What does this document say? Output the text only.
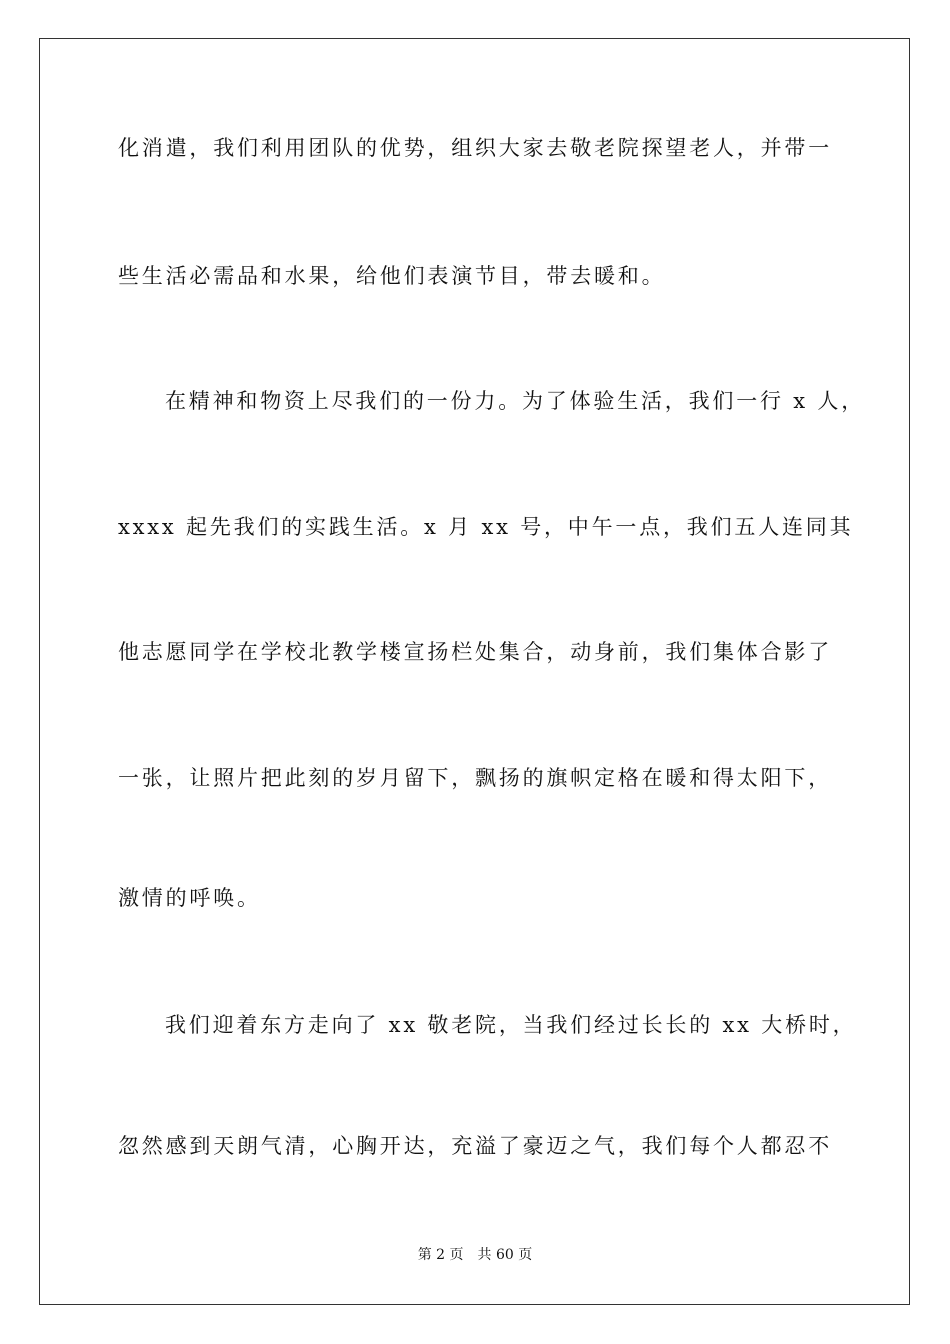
化消遣，我们利用团队的优势，组织大家去敬老院探望老人，并带一
些生活必需品和水果，给他们表演节目，带去暖和。
在精神和物资上尽我们的一份力。为了体验生活，我们一行 x 人，
xxxx 起先我们的实践生活。x 月 xx 号，中午一点，我们五人连同其
他志愿同学在学校北教学楼宣扬栏处集合，动身前，我们集体合影了
一张，让照片把此刻的岁月留下，飘扬的旗帜定格在暖和得太阳下，
激情的呼唤。
我们迎着东方走向了 xx 敬老院，当我们经过长长的 xx 大桥时，
忽然感到天朗气清，心胸开达，充溢了豪迈之气，我们每个人都忍不
第 2 页 共 60 页
